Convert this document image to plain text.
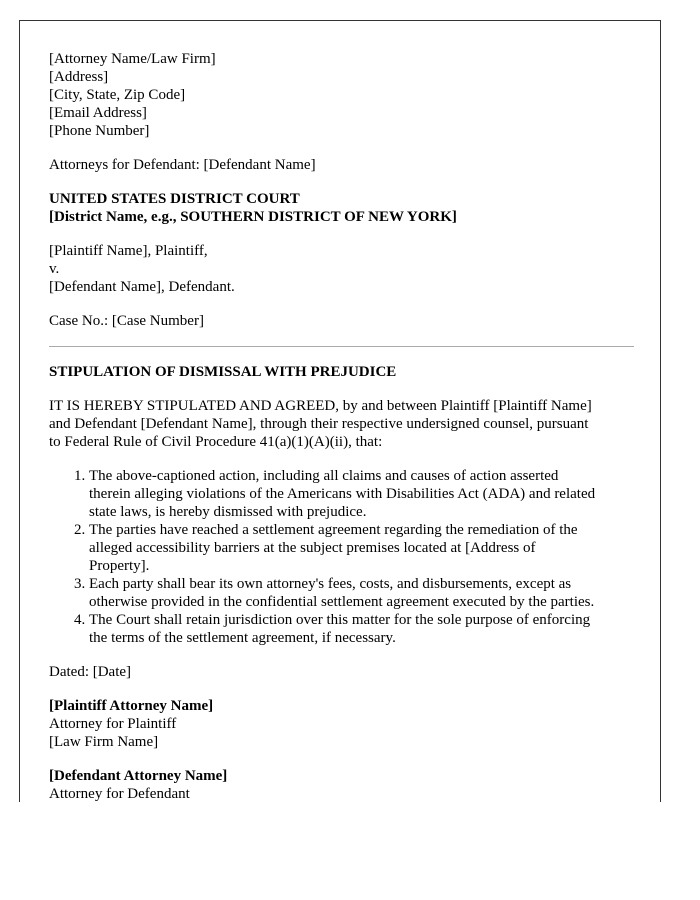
[Attorney Name/Law Firm]
[Address]
[City, State, Zip Code]
[Email Address]
[Phone Number]
Attorneys for Defendant: [Defendant Name]
UNITED STATES DISTRICT COURT
[District Name, e.g., SOUTHERN DISTRICT OF NEW YORK]
[Plaintiff Name], Plaintiff,
v.
[Defendant Name], Defendant.
Case No.: [Case Number]
STIPULATION OF DISMISSAL WITH PREJUDICE
IT IS HEREBY STIPULATED AND AGREED, by and between Plaintiff [Plaintiff Name]
and Defendant [Defendant Name], through their respective undersigned counsel, pursuant
to Federal Rule of Civil Procedure 41(a)(1)(A)(ii), that:
1. The above-captioned action, including all claims and causes of action asserted
therein alleging violations of the Americans with Disabilities Act (ADA) and related
state laws, is hereby dismissed with prejudice.
2. The parties have reached a settlement agreement regarding the remediation of the
alleged accessibility barriers at the subject premises located at [Address of
Property].
3. Each party shall bear its own attorney's fees, costs, and disbursements, except as
otherwise provided in the confidential settlement agreement executed by the parties.
4. The Court shall retain jurisdiction over this matter for the sole purpose of enforcing
the terms of the settlement agreement, if necessary.
Dated: [Date]
[Plaintiff Attorney Name]
Attorney for Plaintiff
[Law Firm Name]
[Defendant Attorney Name]
Attorney for Defendant
